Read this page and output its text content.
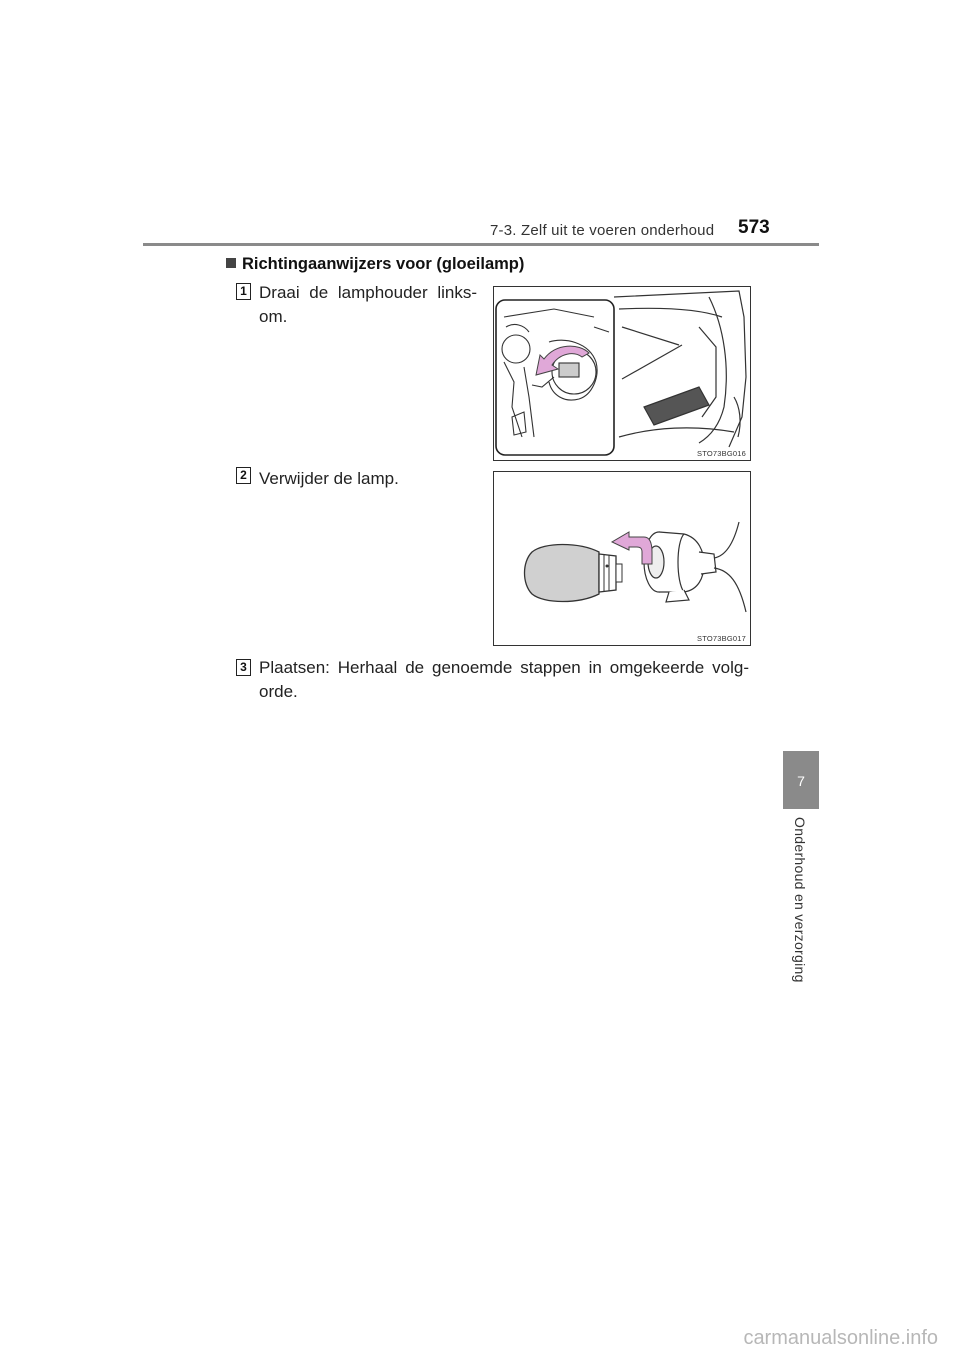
7-3. Zelf uit te voeren onderhoud 573
Richtingaanwijzers voor (gloeilamp)
1 Draai de lamphouder links-om.
STO73BG016
2 Verwijder de lamp.
STO73BG017
3 Plaatsen: Herhaal de genoemde stappen in omgekeerde volg-orde.
7
Onderhoud en verzorging
carmanualsonline.info
